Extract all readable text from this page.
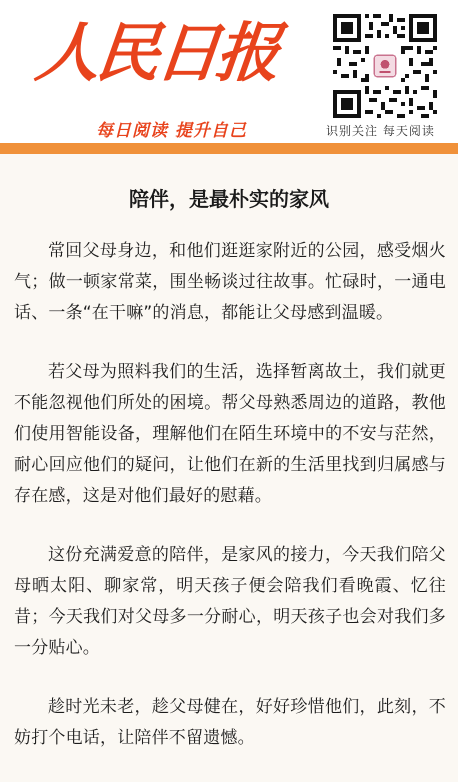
人民日报
每日阅读 提升自己	识别关注 每天阅读
陪伴，是最朴实的家风

常回父母身边，和他们逛逛家附近的公园，感受烟火气；做一顿家常菜，围坐畅谈过往故事。忙碌时，一通电话、一条“在干嘛”的消息，都能让父母感到温暖。

若父母为照料我们的生活，选择暂离故土，我们就更不能忽视他们所处的困境。帮父母熟悉周边的道路，教他们使用智能设备，理解他们在陌生环境中的不安与茫然，耐心回应他们的疑问，让他们在新的生活里找到归属感与存在感，这是对他们最好的慰藉。

这份充满爱意的陪伴，是家风的接力，今天我们陪父母晒太阳、聊家常，明天孩子便会陪我们看晚霞、忆往昔；今天我们对父母多一分耐心，明天孩子也会对我们多一分贴心。

趁时光未老，趁父母健在，好好珍惜他们，此刻，不妨打个电话，让陪伴不留遗憾。
